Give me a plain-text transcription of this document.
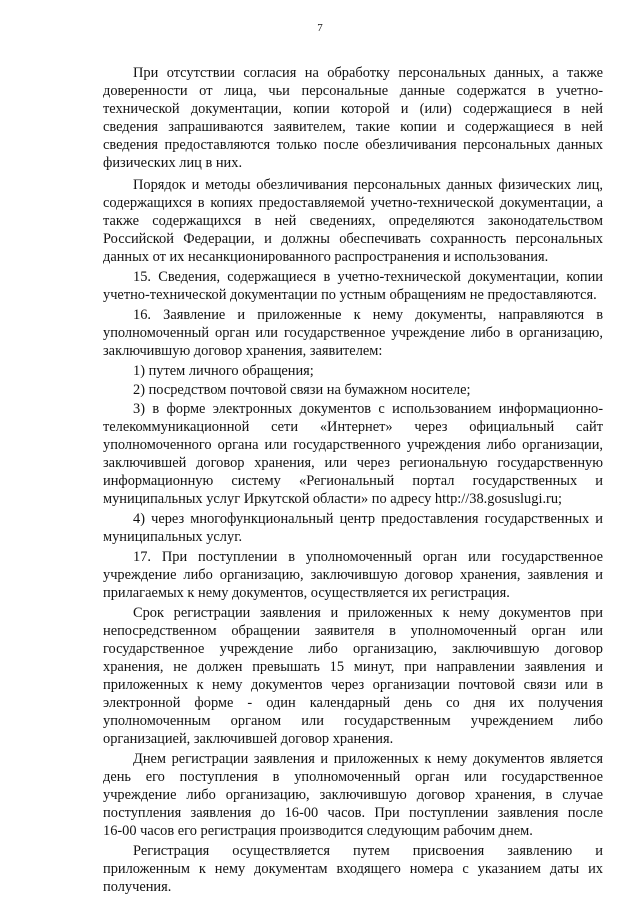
7
При отсутствии согласия на обработку персональных данных, а также
доверенности от лица, чьи персональные данные содержатся в учетно-
технической документации, копии которой и (или) содержащиеся в ней
сведения запрашиваются заявителем, такие копии и содержащиеся в ней
сведения предоставляются только после обезличивания персональных данных
физических лиц в них.
Порядок и методы обезличивания персональных данных физических лиц,
содержащихся в копиях предоставляемой учетно-технической документации, а
также содержащихся в ней сведениях, определяются законодательством
Российской Федерации, и должны обеспечивать сохранность персональных
данных от их несанкционированного распространения и использования.
15. Сведения, содержащиеся в учетно-технической документации, копии
учетно-технической документации по устным обращениям не предоставляются.
16. Заявление и приложенные к нему документы, направляются в
уполномоченный орган или государственное учреждение либо в организацию,
заключившую договор хранения, заявителем:
1) путем личного обращения;
2) посредством почтовой связи на бумажном носителе;
3) в форме электронных документов с использованием информационно-
телекоммуникационной сети «Интернет» через официальный сайт
уполномоченного органа или государственного учреждения либо организации,
заключившей договор хранения, или через региональную государственную
информационную систему «Региональный портал государственных и
муниципальных услуг Иркутской области» по адресу http://38.gosuslugi.ru;
4) через многофункциональный центр предоставления государственных и
муниципальных услуг.
17. При поступлении в уполномоченный орган или государственное
учреждение либо организацию, заключившую договор хранения, заявления и
прилагаемых к нему документов, осуществляется их регистрация.
Срок регистрации заявления и приложенных к нему документов при
непосредственном обращении заявителя в уполномоченный орган или
государственное учреждение либо организацию, заключившую договор
хранения, не должен превышать 15 минут, при направлении заявления и
приложенных к нему документов через организации почтовой связи или в
электронной форме - один календарный день со дня их получения
уполномоченным органом или государственным учреждением либо
организацией, заключившей договор хранения.
Днем регистрации заявления и приложенных к нему документов является
день его поступления в уполномоченный орган или государственное
учреждение либо организацию, заключившую договор хранения, в случае
поступления заявления до 16-00 часов. При поступлении заявления после
16-00 часов его регистрация производится следующим рабочим днем.
Регистрация осуществляется путем присвоения заявлению и
приложенным к нему документам входящего номера с указанием даты их
получения.
